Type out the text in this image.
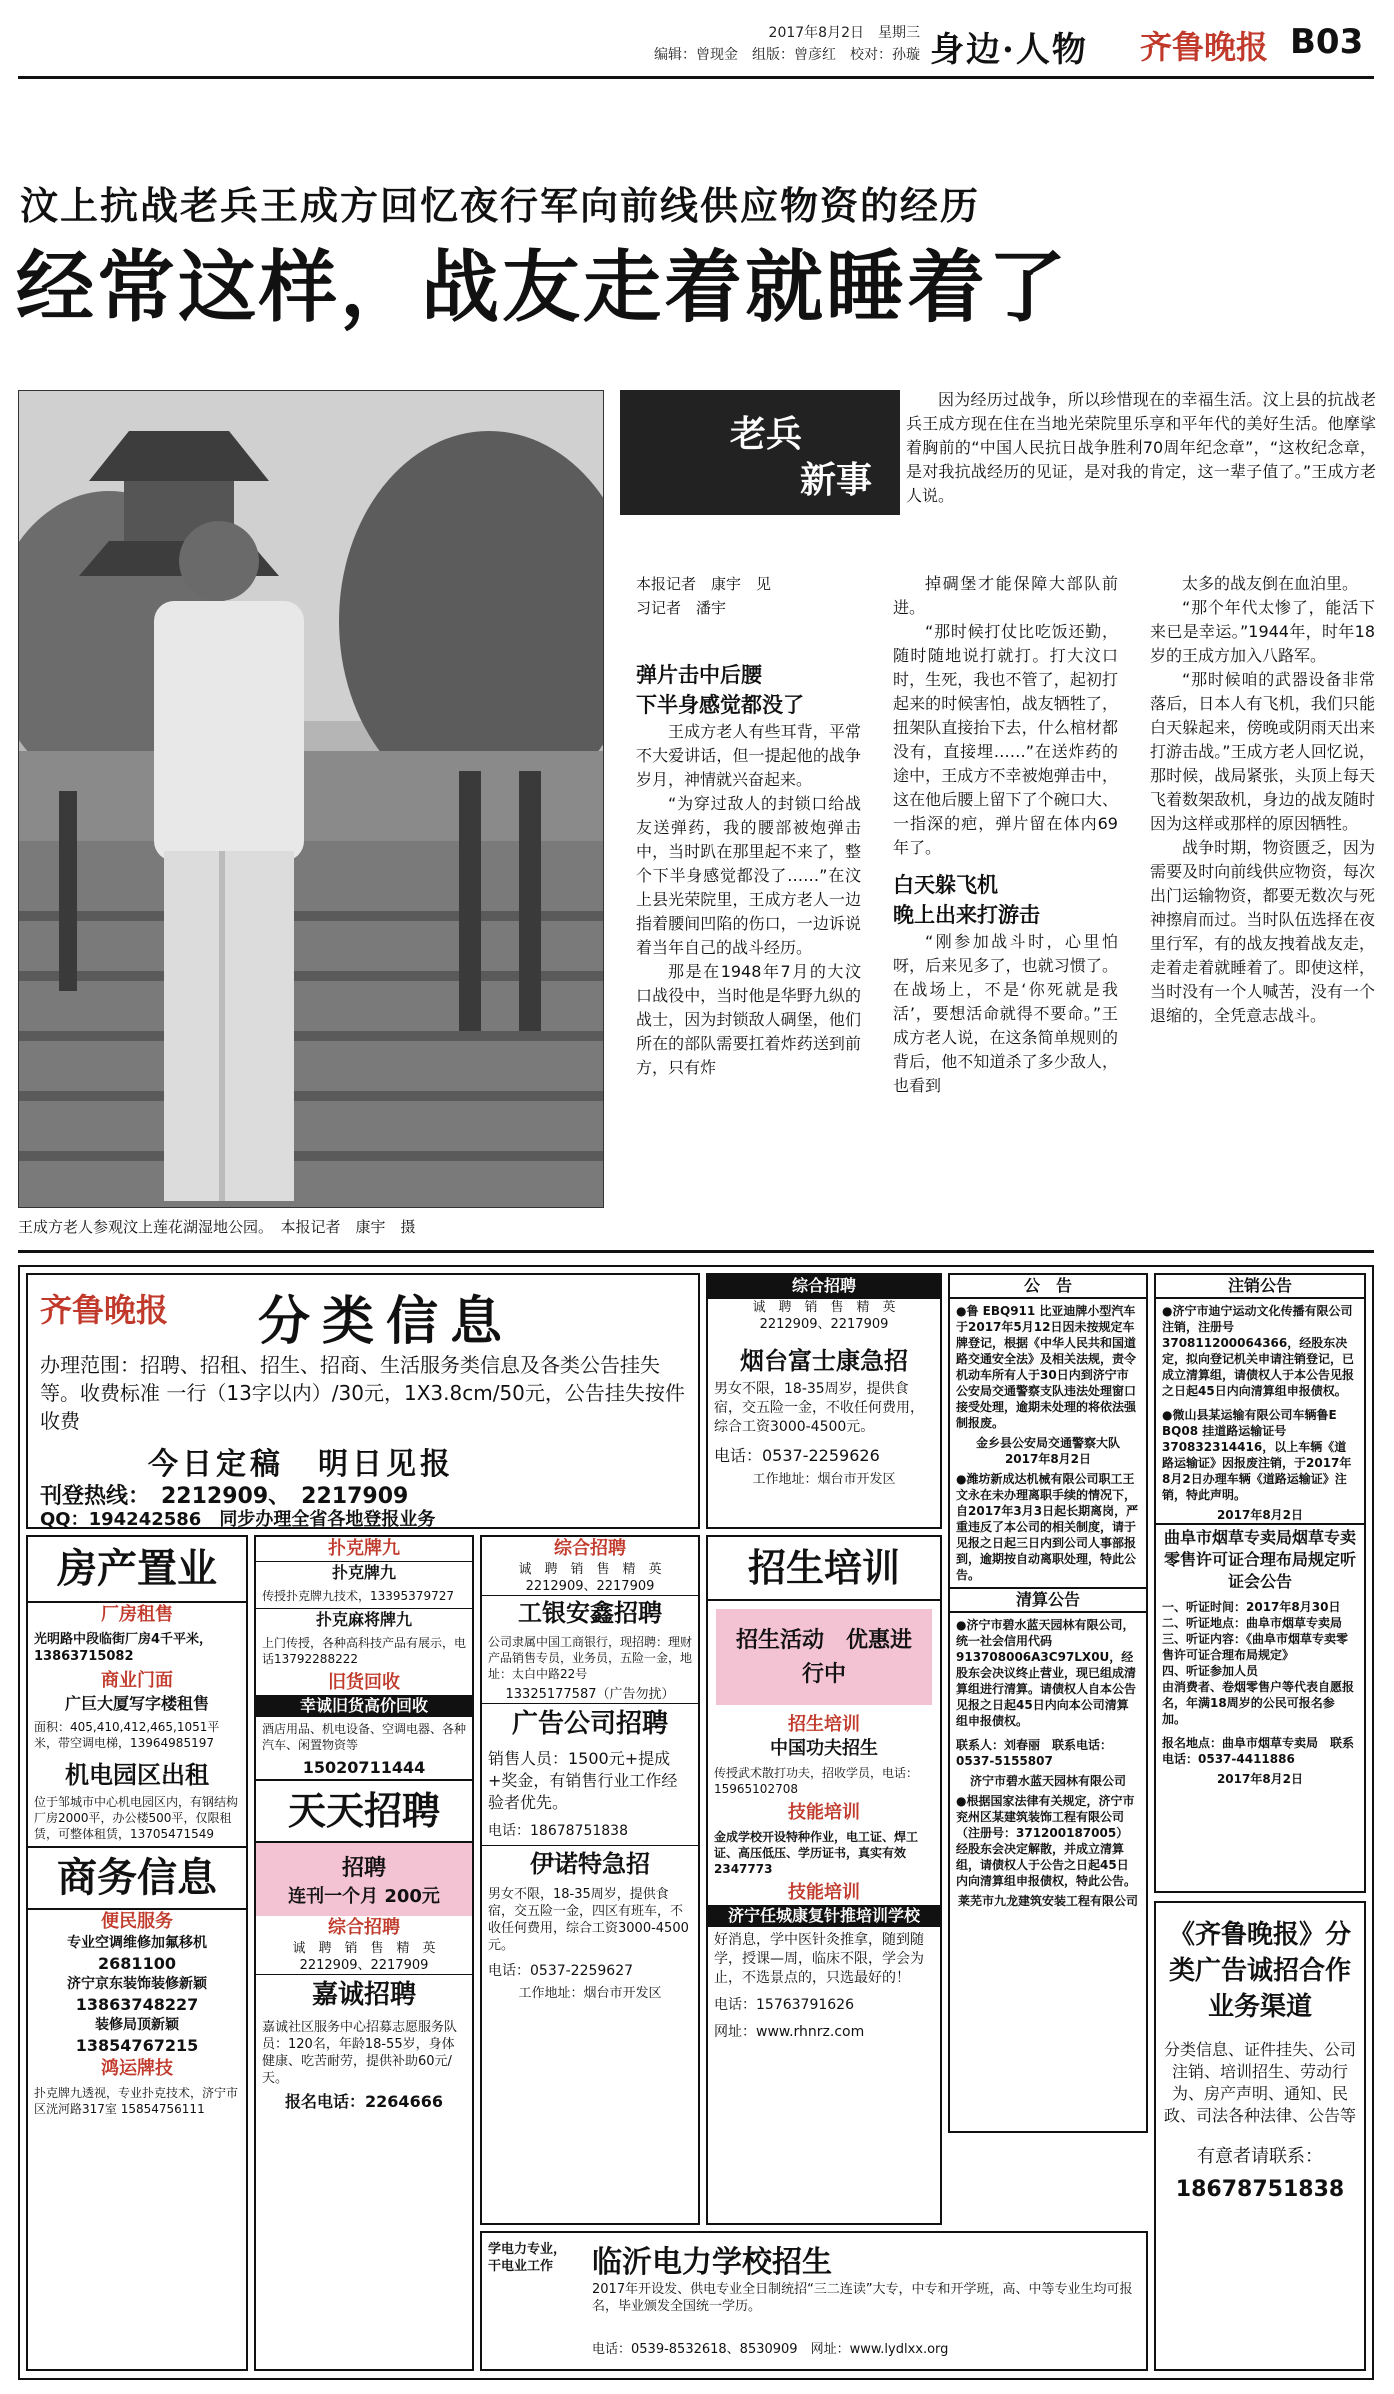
2017年8月2日　星期三
编辑：曾现金　组版：曾彦红　校对：孙璇 身边·人物 齐鲁晚报 B03
汶上抗战老兵王成方回忆夜行军向前线供应物资的经历
经常这样，战友走着就睡着了
王成方老人参观汶上莲花湖湿地公园。　本报记者　康宇　摄
老兵
新事
因为经历过战争，所以珍惜现在的幸福生活。汶上县的抗战老兵王成方现在住在当地光荣院里乐享和平年代的美好生活。他摩挲着胸前的“中国人民抗日战争胜利70周年纪念章”，“这枚纪念章，是对我抗战经历的见证，是对我的肯定，这一辈子值了。”王成方老人说。
本报记者　康宇　见
习记者　潘宇

弹片击中后腰
下半身感觉都没了

王成方老人有些耳背，平常不大爱讲话，但一提起他的战争岁月，神情就兴奋起来。

“为穿过敌人的封锁口给战友送弹药，我的腰部被炮弹击中，当时趴在那里起不来了，整个下半身感觉都没了……”在汶上县光荣院里，王成方老人一边指着腰间凹陷的伤口，一边诉说着当年自己的战斗经历。

那是在1948年7月的大汶口战役中，当时他是华野九纵的战士，因为封锁敌人碉堡，他们所在的部队需要扛着炸药送到前方，只有炸

掉碉堡才能保障大部队前进。

“那时候打仗比吃饭还勤，随时随地说打就打。打大汶口时，生死，我也不管了，起初打起来的时候害怕，战友牺牲了，扭架队直接抬下去，什么棺材都没有，直接埋……”在送炸药的途中，王成方不幸被炮弹击中，这在他后腰上留下了个碗口大、一指深的疤，弹片留在体内69年了。

白天躲飞机
晚上出来打游击

“刚参加战斗时，心里怕呀，后来见多了，也就习惯了。在战场上，不是‘你死就是我活’，要想活命就得不要命。”王成方老人说，在这条简单规则的背后，他不知道杀了多少敌人，也看到

太多的战友倒在血泊里。

“那个年代太惨了，能活下来已是幸运。”1944年，时年18岁的王成方加入八路军。

“那时候咱的武器设备非常落后，日本人有飞机，我们只能白天躲起来，傍晚或阴雨天出来打游击战。”王成方老人回忆说，那时候，战局紧张，头顶上每天飞着数架敌机，身边的战友随时因为这样或那样的原因牺牲。

战争时期，物资匮乏，因为需要及时向前线供应物资，每次出门运输物资，都要无数次与死神擦肩而过。当时队伍选择在夜里行军，有的战友拽着战友走，走着走着就睡着了。即使这样，当时没有一个人喊苦，没有一个退缩的，全凭意志战斗。

齐鲁晚报 分类信息
办理范围：招聘、招租、招生、招商、生活服务类信息及各类公告挂失等。收费标准 一行（13字以内）/30元，1X3.8cm/50元，公告挂失按件收费
今日定稿　明日见报
刊登热线：　2212909、　2217909
QQ：194242586　同步办理全省各地登报业务
综合招聘
诚　聘　销　售　精　英
2212909、2217909
烟台富士康急招
男女不限，18-35周岁，提供食宿，交五险一金，不收任何费用，综合工资3000-4500元。
电话：0537-2259626
工作地址：烟台市开发区
公　告
●鲁 EBQ911 比亚迪牌小型汽车于2017年5月12日因未按规定车牌登记，根据《中华人民共和国道路交通安全法》及相关法规，责令机动车所有人于30日内到济宁市公安局交通警察支队违法处理窗口接受处理，逾期未处理的将依法强制报废。
金乡县公安局交通警察大队
2017年8月2日
●潍坊新成达机械有限公司职工王文永在未办理离职手续的情况下，自2017年3月3日起长期离岗，严重违反了本公司的相关制度，请于见报之日起三日内到公司人事部报到，逾期按自动离职处理，特此公告。
清算公告
●济宁市碧水蓝天园林有限公司，统一社会信用代码913708006A3C97LX0U，经股东会决议终止营业，现已组成清算组进行清算。请债权人自本公告见报之日起45日内向本公司清算组申报债权。
联系人：刘春丽　联系电话：0537-5155807
济宁市碧水蓝天园林有限公司
●根据国家法律有关规定，济宁市兖州区某建筑装饰工程有限公司（注册号：371200187005）经股东会决定解散，并成立清算组，请债权人于公告之日起45日内向清算组申报债权，特此公告。
莱芜市九龙建筑安装工程有限公司
注销公告
●济宁市迪宁运动文化传播有限公司注销，注册号370811200064366，经股东决定，拟向登记机关申请注销登记，已成立清算组，请债权人于本公告见报之日起45日内向清算组申报债权。
●微山县某运输有限公司车辆鲁E BQ08 挂道路运输证号370832314416，以上车辆《道路运输证》因报废注销，于2017年8月2日办理车辆《道路运输证》注销，特此声明。
2017年8月2日
曲阜市烟草专卖局烟草专卖零售许可证合理布局规定听证会公告
一、听证时间：2017年8月30日
二、听证地点：曲阜市烟草专卖局
三、听证内容：《曲阜市烟草专卖零售许可证合理布局规定》
四、听证参加人员
由消费者、卷烟零售户等代表自愿报名，年满18周岁的公民可报名参加。
报名地点：曲阜市烟草专卖局　联系电话：0537-4411886
2017年8月2日
《齐鲁晚报》分类广告诚招合作业务渠道
分类信息、证件挂失、公司注销、培训招生、劳动行为、房产声明、通知、民政、司法各种法律、公告等
有意者请联系：
18678751838
房产置业
厂房租售
光明路中段临街厂房4千平米，13863715082
商业门面
广巨大厦写字楼租售
面积：405,410,412,465,1051平米，带空调电梯，13964985197
机电园区出租
位于邹城市中心机电园区内，有钢结构厂房2000平，办公楼500平，仅限租赁，可整体租赁，13705471549
商务信息
便民服务
专业空调维修加氟移机
2681100
济宁京东装饰装修新颖
13863748227
装修局顶新颖
13854767215
鸿运牌技
扑克牌九透视，专业扑克技术，济宁市区洸河路317室 15854756111
扑克牌九
扑克牌九
传授扑克牌九技术，13395379727
扑克麻将牌九
上门传授，各种高科技产品有展示，电话13792288222
旧货回收
幸诚旧货高价回收
酒店用品、机电设备、空调电器、各种汽车、闲置物资等
15020711444
天天招聘
招聘
连刊一个月 200元
综合招聘
诚　聘　销　售　精　英
2212909、2217909
嘉诚招聘
嘉诚社区服务中心招募志愿服务队员：120名，年龄18-55岁，身体健康、吃苦耐劳，提供补助60元/天。
报名电话：2264666
综合招聘
诚　聘　销　售　精　英
2212909、2217909
工银安鑫招聘
公司隶属中国工商银行，现招聘：理财产品销售专员，业务员，五险一金，地址：太白中路22号
13325177587（广告勿扰）
广告公司招聘
销售人员：1500元+提成+奖金，有销售行业工作经验者优先。
电话：18678751838
伊诺特急招
男女不限，18-35周岁，提供食宿，交五险一金，四区有班车，不收任何费用，综合工资3000-4500元。
电话：0537-2259627
工作地址：烟台市开发区
招生培训
招生活动　优惠进行中
招生培训
中国功夫招生
传授武术散打功夫，招收学员，电话：15965102708
技能培训
金成学校开设特种作业，电工证、焊工证、高压低压、学历证书，真实有效 2347773
技能培训
济宁任城康复针推培训学校
好消息，学中医针灸推拿，随到随学，授课—周，临床不限，学会为止，不选景点的，只选最好的！
电话：15763791626
网址：www.rhnrz.com
学电力专业，干电业工作	临沂电力学校招生
2017年开设发、供电专业全日制统招“三二连读”大专，中专和开学班，高、中等专业生均可报名，毕业颁发全国统一学历。
电话：0539-8532618、8530909　网址：www.lydlxx.org
